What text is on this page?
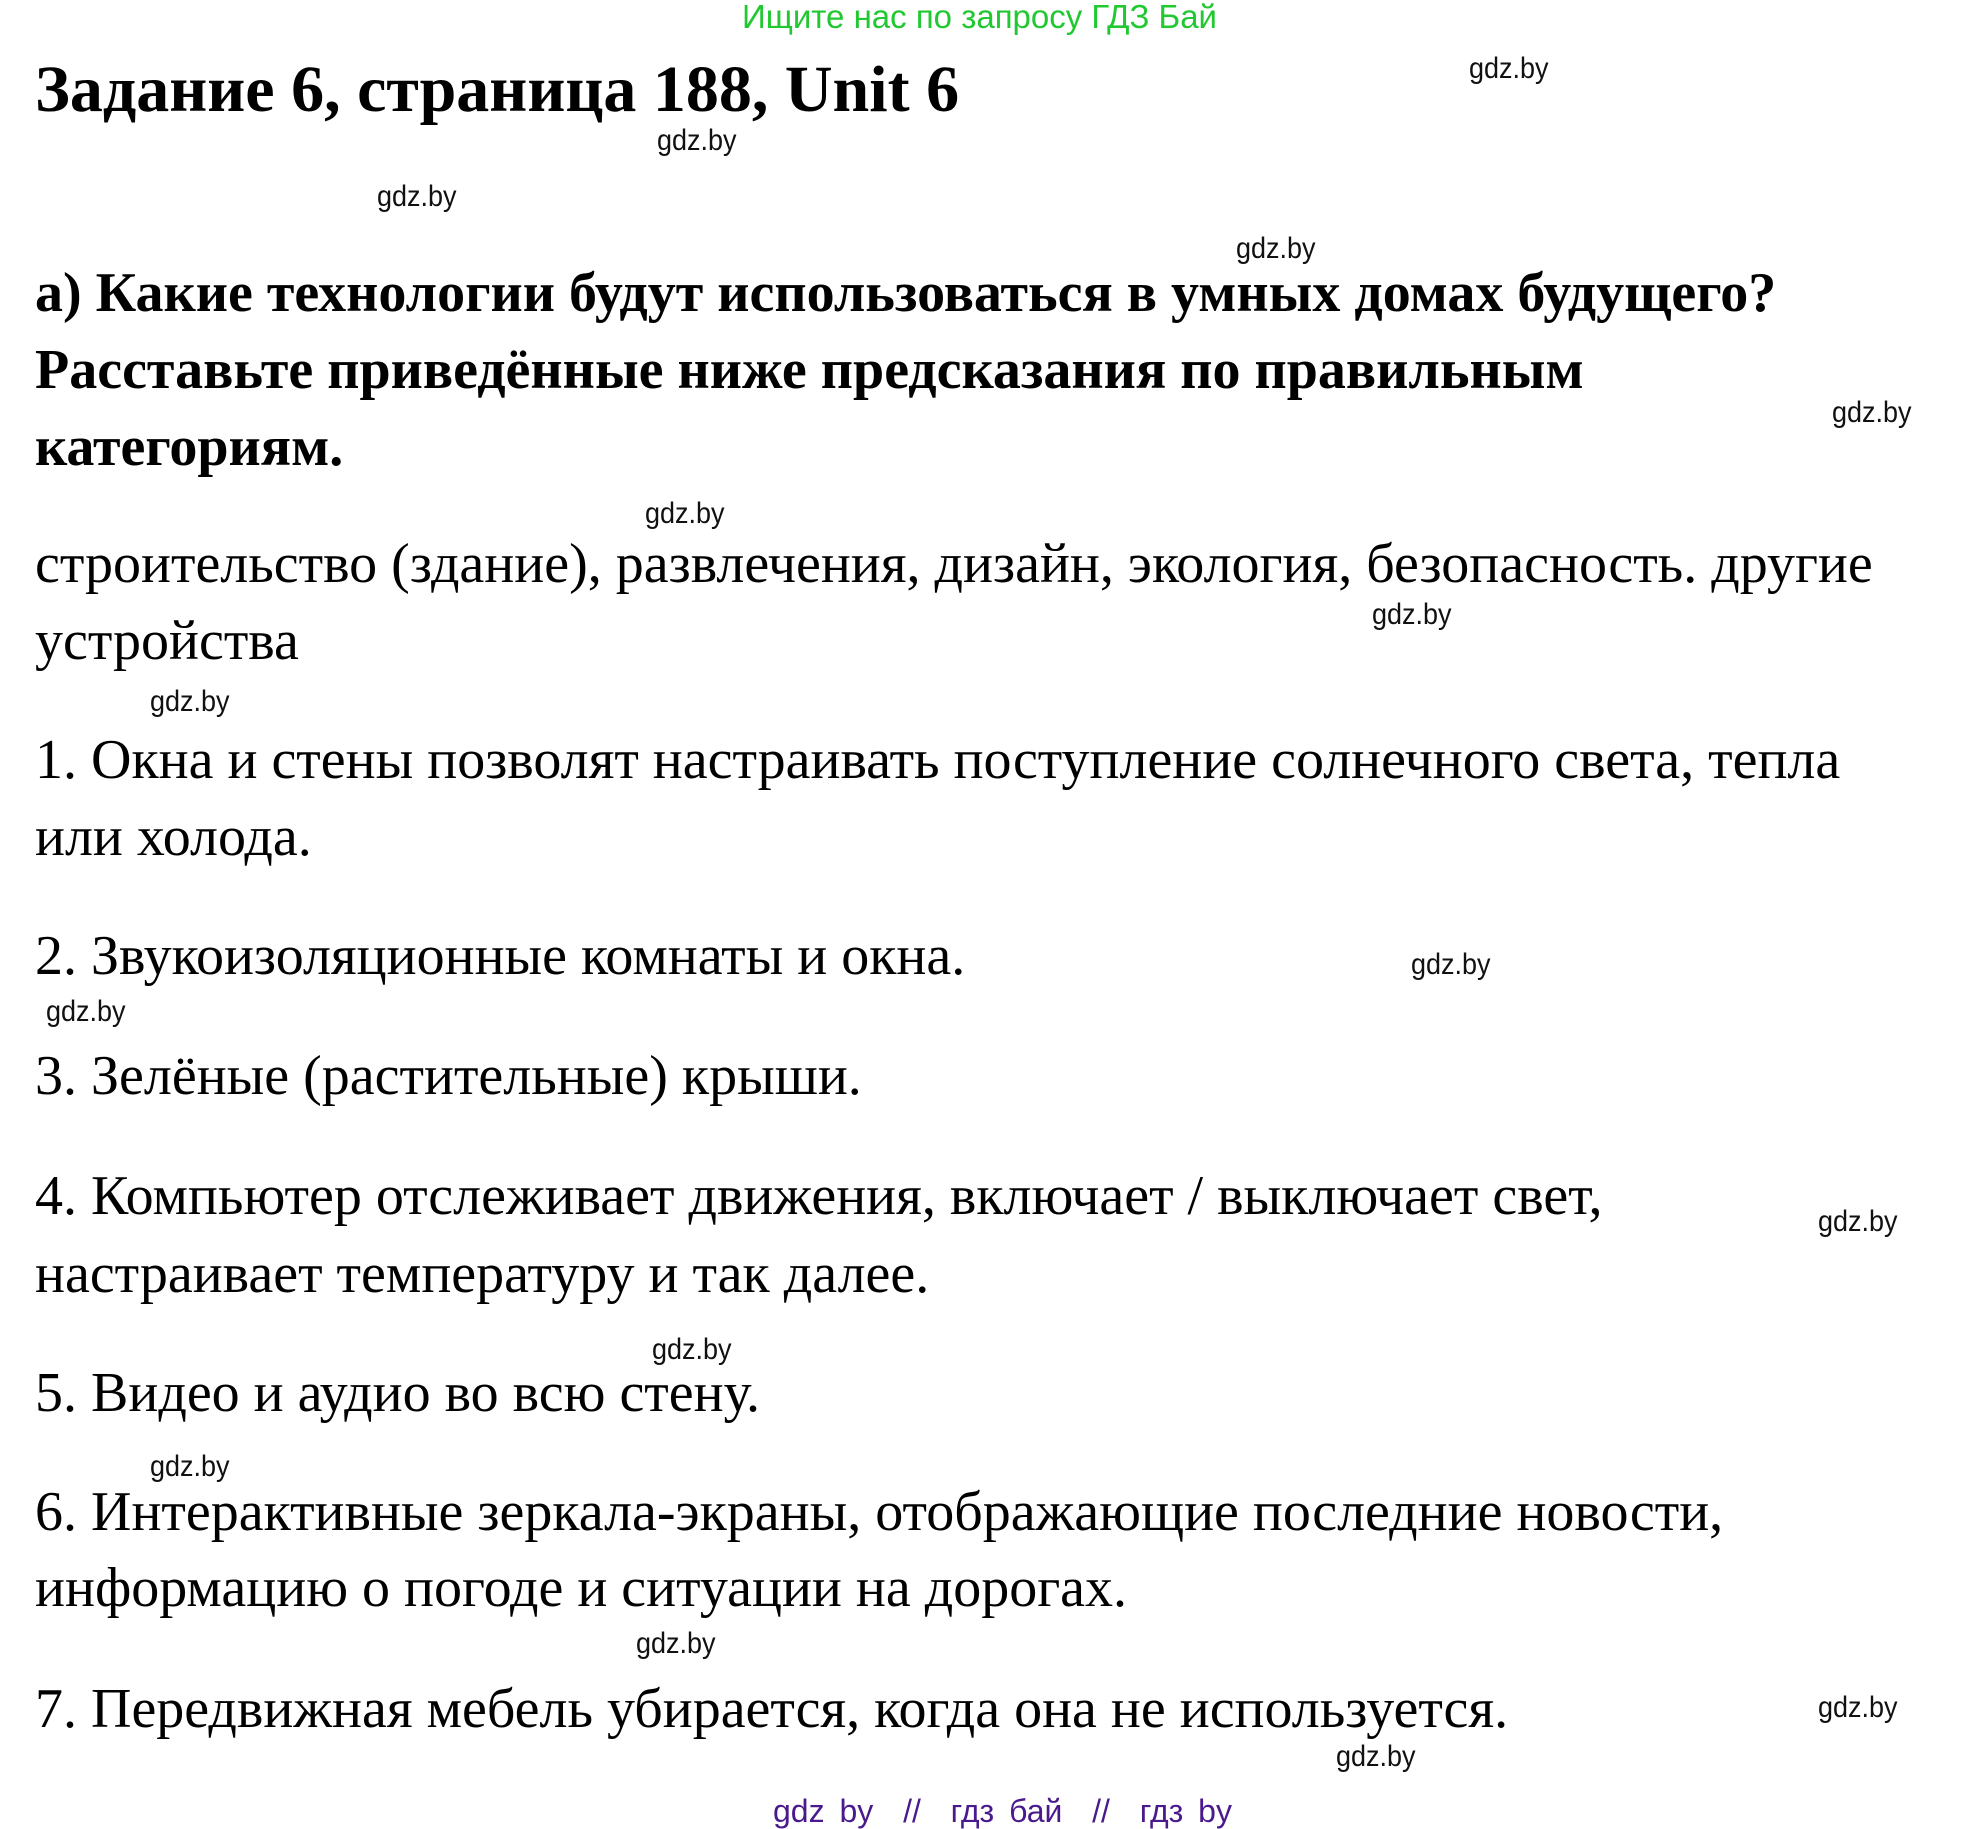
Ищите нас по запросу ГДЗ Бай
Задание 6, страница 188, Unit 6
а) Какие технологии будут использоваться в умных домах будущего?
Расставьте приведённые ниже предсказания по правильным
категориям.
строительство (здание), развлечения, дизайн, экология, безопасность. другие
устройства
1. Окна и стены позволят настраивать поступление солнечного света, тепла
или холода.
2. Звукоизоляционные комнаты и окна.
3. Зелёные (растительные) крыши.
4. Компьютер отслеживает движения, включает / выключает свет,
настраивает температуру и так далее.
5. Видео и аудио во всю стену.
6. Интерактивные зеркала-экраны, отображающие последние новости,
информацию о погоде и ситуации на дорогах.
7. Передвижная мебель убирается, когда она не используется.
gdz.by
gdz.by
gdz.by
gdz.by
gdz.by
gdz.by
gdz.by
gdz.by
gdz.by
gdz.by
gdz.by
gdz.by
gdz.by
gdz.by
gdz.by
gdz.by
gdz by  //  гдз бай  //  гдз by
